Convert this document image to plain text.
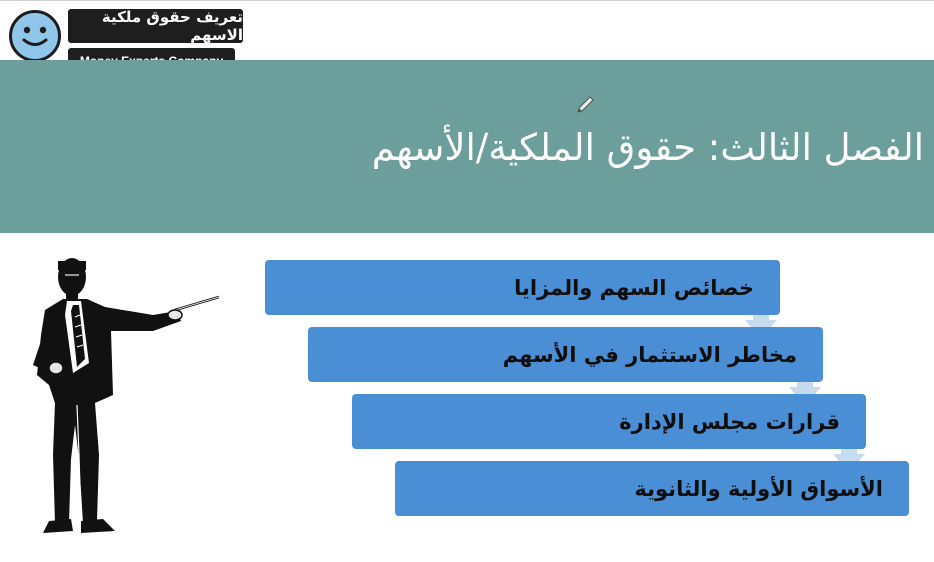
تعريف حقوق ملكية الاسهم
الفصل الثالث: حقوق الملكية/الأسهم
خصائص السهم والمزايا
مخاطر الاستثمار في الأسهم
قرارات مجلس الإدارة
الأسواق الأولية والثانوية
